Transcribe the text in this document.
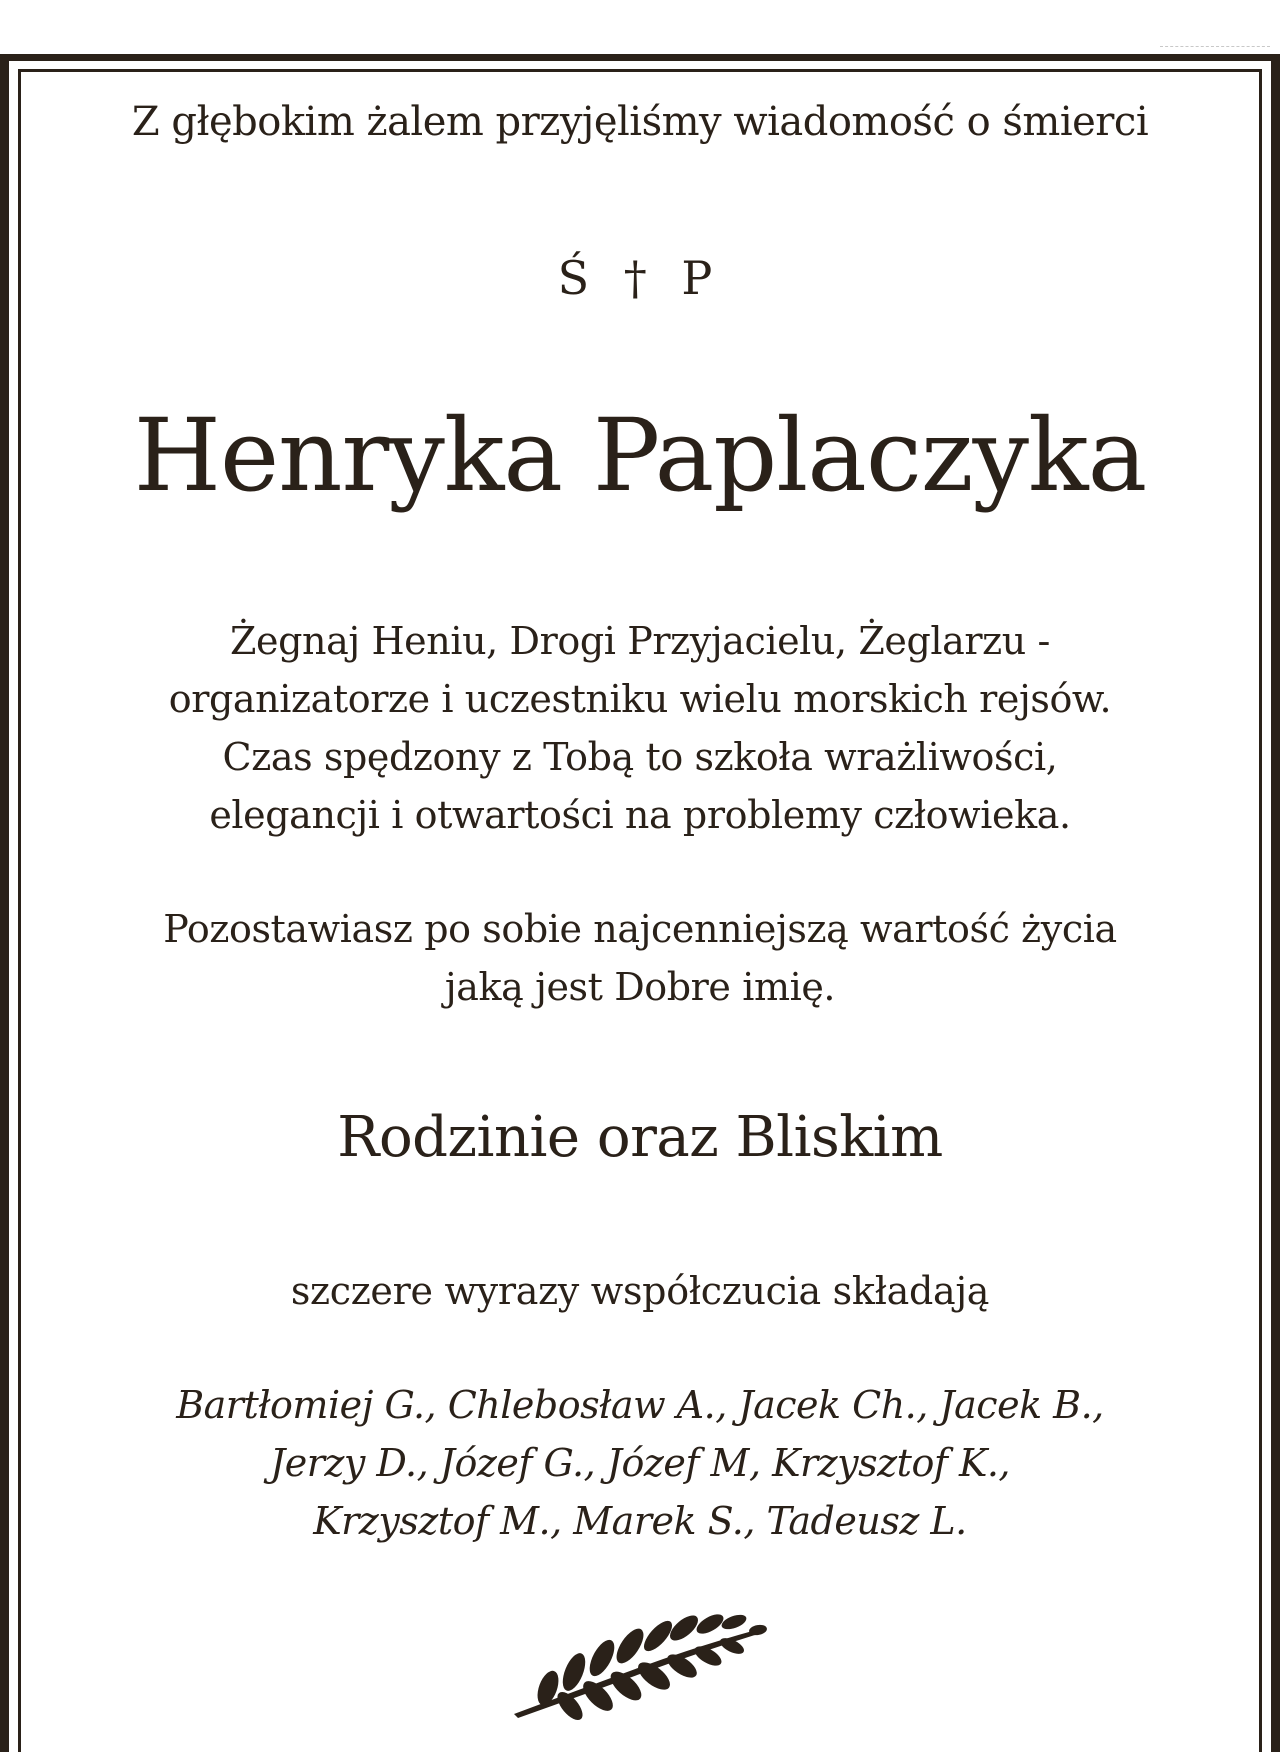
Z głębokim żalem przyjęliśmy wiadomość o śmierci
Ś † P
Henryka Paplaczyka
Żegnaj Heniu, Drogi Przyjacielu, Żeglarzu -
organizatorze i uczestniku wielu morskich rejsów.
Czas spędzony z Tobą to szkoła wrażliwości,
elegancji i otwartości na problemy człowieka.
Pozostawiasz po sobie najcenniejszą wartość życia
jaką jest Dobre imię.
Rodzinie oraz Bliskim
szczere wyrazy współczucia składają
Bartłomiej G., Chlebosław A., Jacek Ch., Jacek B.,
Jerzy D., Józef G., Józef M, Krzysztof K.,
Krzysztof M., Marek S., Tadeusz L.
